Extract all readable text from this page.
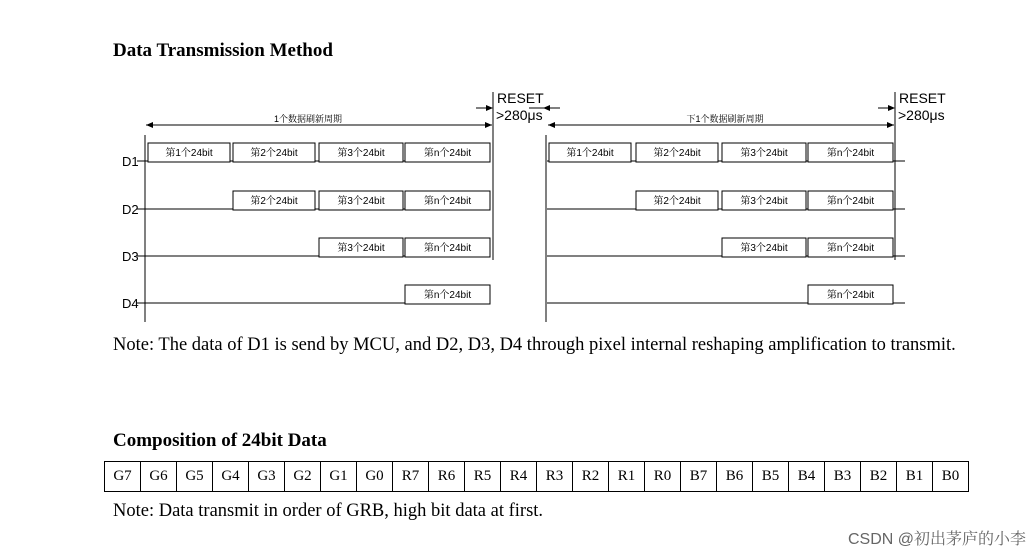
Data Transmission Method
1个数据刷新周期	下1个数据刷新周期
RESET
>280μs
RESET
>280μs
D1
第1个24bit	第1个24bit
第2个24bit	第2个24bit
第3个24bit	第3个24bit
第n个24bit	第n个24bit
D2
第2个24bit	第2个24bit
第3个24bit	第3个24bit
第n个24bit	第n个24bit
D3
第3个24bit	第3个24bit
第n个24bit	第n个24bit
D4
第n个24bit	第n个24bit
Note: The data of D1 is send by MCU, and D2, D3, D4 through pixel internal reshaping amplification to transmit.
Composition of 24bit Data
G7	G6	G5	G4	G3	G2	G1	G0	R7	R6	R5	R4	R3	R2	R1	R0	B7	B6	B5	B4	B3	B2	B1	B0
Note: Data transmit in order of GRB, high bit data at first.
CSDN @初出茅庐的小李
